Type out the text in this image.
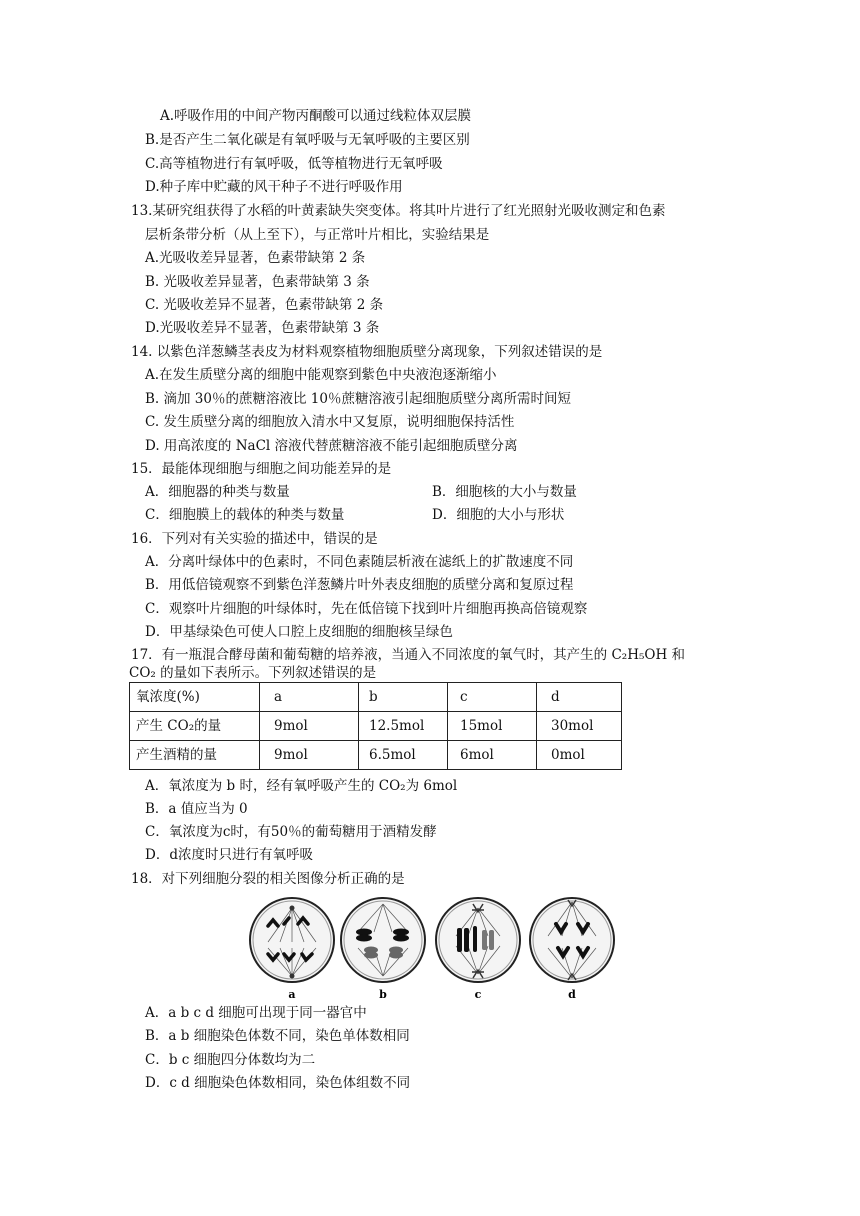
A.呼吸作用的中间产物丙酮酸可以通过线粒体双层膜
B.是否产生二氧化碳是有氧呼吸与无氧呼吸的主要区别
C.高等植物进行有氧呼吸，低等植物进行无氧呼吸
D.种子库中贮藏的风干种子不进行呼吸作用
13.某研究组获得了水稻的叶黄素缺失突变体。将其叶片进行了红光照射光吸收测定和色素
层析条带分析（从上至下），与正常叶片相比，实验结果是
A.光吸收差异显著，色素带缺第 2 条
B. 光吸收差异显著，色素带缺第 3 条
C. 光吸收差异不显著，色素带缺第 2 条
D.光吸收差异不显著，色素带缺第 3 条
14. 以紫色洋葱鳞茎表皮为材料观察植物细胞质壁分离现象，下列叙述错误的是
A.在发生质壁分离的细胞中能观察到紫色中央液泡逐渐缩小
B. 滴加 30％的蔗糖溶液比 10％蔗糖溶液引起细胞质壁分离所需时间短
C. 发生质壁分离的细胞放入清水中又复原，说明细胞保持活性
D. 用高浓度的 NaCl 溶液代替蔗糖溶液不能引起细胞质壁分离
15．最能体现细胞与细胞之间功能差异的是
A．细胞器的种类与数量	B．细胞核的大小与数量
C．细胞膜上的载体的种类与数量	D．细胞的大小与形状
16．下列对有关实验的描述中，错误的是
A．分离叶绿体中的色素时，不同色素随层析液在滤纸上的扩散速度不同
B．用低倍镜观察不到紫色洋葱鳞片叶外表皮细胞的质壁分离和复原过程
C．观察叶片细胞的叶绿体时，先在低倍镜下找到叶片细胞再换高倍镜观察
D．甲基绿染色可使人口腔上皮细胞的细胞核呈绿色
17．有一瓶混合酵母菌和葡萄糖的培养液，当通入不同浓度的氧气时，其产生的 C₂H₅OH 和
CO₂ 的量如下表所示。下列叙述错误的是
氧浓度(%)	a	b	c	d
产生 CO₂的量	9mol	12.5mol	15mol	30mol
产生酒精的量	9mol	6.5mol	6mol	0mol
A．氧浓度为 b 时，经有氧呼吸产生的 CO₂为 6mol
B．a 值应当为 0
C．氧浓度为c时，有50％的葡萄糖用于酒精发酵
D．d浓度时只进行有氧呼吸
18．对下列细胞分裂的相关图像分析正确的是
a	b	c	d
A．a b c d 细胞可出现于同一器官中
B．a b 细胞染色体数不同，染色单体数相同
C．b c 细胞四分体数均为二
D．c d 细胞染色体数相同，染色体组数不同
